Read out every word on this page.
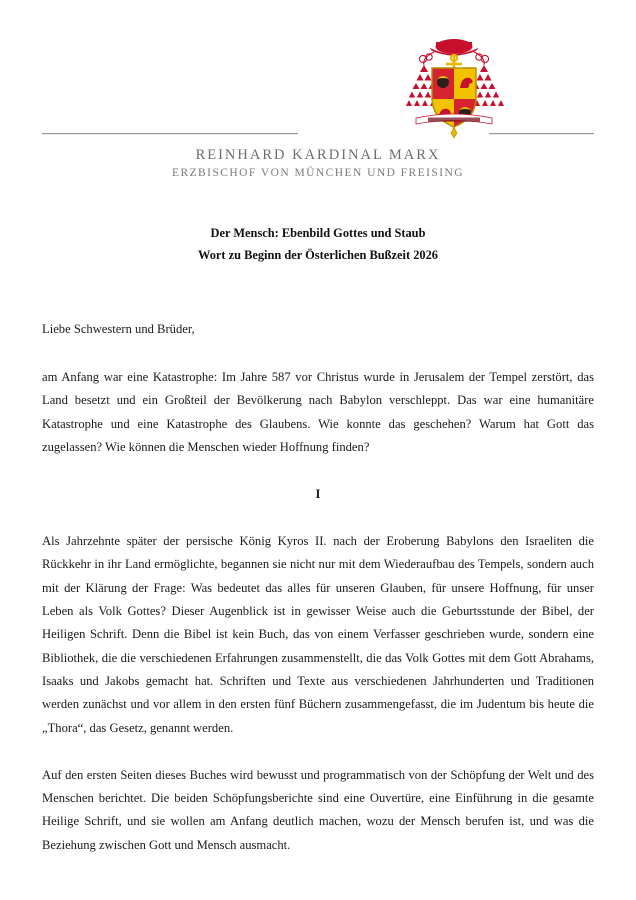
REINHARD KARDINAL MARX
ERZBISCHOF VON MÜNCHEN UND FREISING
Der Mensch: Ebenbild Gottes und Staub
Wort zu Beginn der Österlichen Bußzeit 2026

Liebe Schwestern und Brüder,

am Anfang war eine Katastrophe: Im Jahre 587 vor Christus wurde in Jerusalem der Tempel zerstört, das Land besetzt und ein Großteil der Bevölkerung nach Babylon verschleppt. Das war eine humanitäre Katastrophe und eine Katastrophe des Glaubens. Wie konnte das geschehen? Warum hat Gott das zugelassen? Wie können die Menschen wieder Hoffnung finden?

I

Als Jahrzehnte später der persische König Kyros II. nach der Eroberung Babylons den Israeliten die Rückkehr in ihr Land ermöglichte, begannen sie nicht nur mit dem Wiederaufbau des Tempels, sondern auch mit der Klärung der Frage: Was bedeutet das alles für unseren Glauben, für unsere Hoffnung, für unser Leben als Volk Gottes? Dieser Augenblick ist in gewisser Weise auch die Geburtsstunde der Bibel, der Heiligen Schrift. Denn die Bibel ist kein Buch, das von einem Verfasser geschrieben wurde, sondern eine Bibliothek, die die verschiedenen Erfahrungen zusammenstellt, die das Volk Gottes mit dem Gott Abrahams, Isaaks und Jakobs gemacht hat. Schriften und Texte aus verschiedenen Jahrhunderten und Traditionen werden zunächst und vor allem in den ersten fünf Büchern zusammengefasst, die im Judentum bis heute die „Thora“, das Gesetz, genannt werden.

Auf den ersten Seiten dieses Buches wird bewusst und programmatisch von der Schöpfung der Welt und des Menschen berichtet. Die beiden Schöpfungsberichte sind eine Ouvertüre, eine Einführung in die gesamte Heilige Schrift, und sie wollen am Anfang deutlich machen, wozu der Mensch berufen ist, und was die Beziehung zwischen Gott und Mensch ausmacht.
